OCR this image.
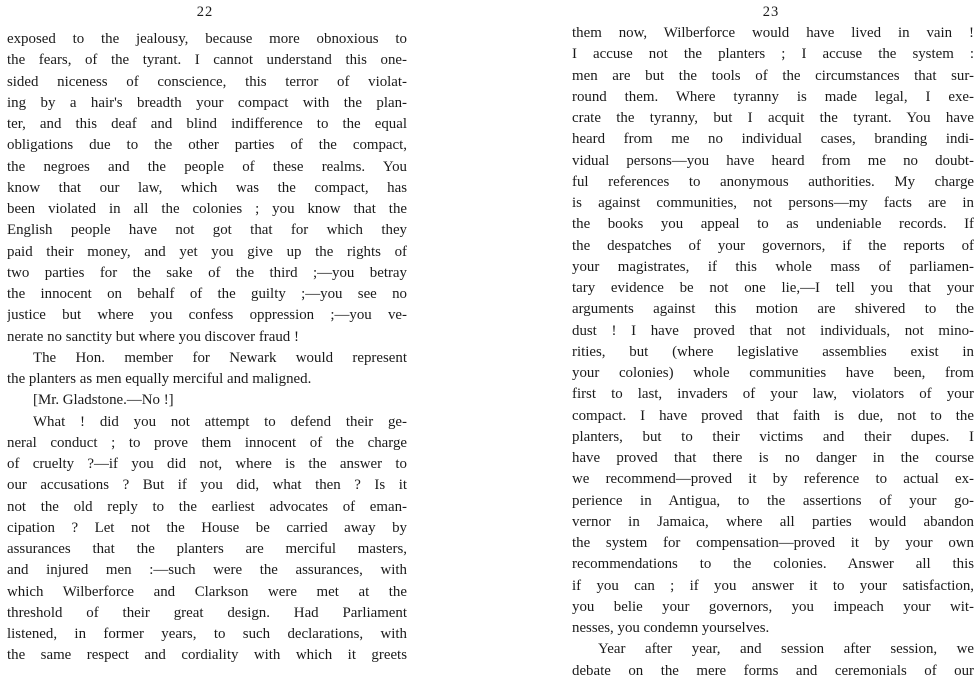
22
exposed to the jealousy, because more obnoxious to
the fears, of the tyrant. I cannot understand this one-
sided niceness of conscience, this terror of violat-
ing by a hair's breadth your compact with the plan-
ter, and this deaf and blind indifference to the equal
obligations due to the other parties of the compact,
the negroes and the people of these realms. You
know that our law, which was the compact, has
been violated in all the colonies ; you know that the
English people have not got that for which they
paid their money, and yet you give up the rights of
two parties for the sake of the third ;—you betray
the innocent on behalf of the guilty ;—you see no
justice but where you confess oppression ;—you ve-
nerate no sanctity but where you discover fraud !
The Hon. member for Newark would represent
the planters as men equally merciful and maligned.
[Mr. Gladstone.—No !]
What ! did you not attempt to defend their ge-
neral conduct ; to prove them innocent of the charge
of cruelty ?—if you did not, where is the answer to
our accusations ? But if you did, what then ? Is it
not the old reply to the earliest advocates of eman-
cipation ? Let not the House be carried away by
assurances that the planters are merciful masters,
and injured men :—such were the assurances, with
which Wilberforce and Clarkson were met at the
threshold of their great design. Had Parliament
listened, in former years, to such declarations, with
the same respect and cordiality with which it greets
23
them now, Wilberforce would have lived in vain !
I accuse not the planters ; I accuse the system :
men are but the tools of the circumstances that sur-
round them. Where tyranny is made legal, I exe-
crate the tyranny, but I acquit the tyrant. You have
heard from me no individual cases, branding indi-
vidual persons—you have heard from me no doubt-
ful references to anonymous authorities. My charge
is against communities, not persons—my facts are in
the books you appeal to as undeniable records. If
the despatches of your governors, if the reports of
your magistrates, if this whole mass of parliamen-
tary evidence be not one lie,—I tell you that your
arguments against this motion are shivered to the
dust ! I have proved that not individuals, not mino-
rities, but (where legislative assemblies exist in
your colonies) whole communities have been, from
first to last, invaders of your law, violators of your
compact. I have proved that faith is due, not to the
planters, but to their victims and their dupes. I
have proved that there is no danger in the course
we recommend—proved it by reference to actual ex-
perience in Antigua, to the assertions of your go-
vernor in Jamaica, where all parties would abandon
the system for compensation—proved it by your own
recommendations to the colonies. Answer all this
if you can ; if you answer it to your satisfaction,
you belie your governors, you impeach your wit-
nesses, you condemn yourselves.
Year after year, and session after session, we
debate on the mere forms and ceremonials of our
